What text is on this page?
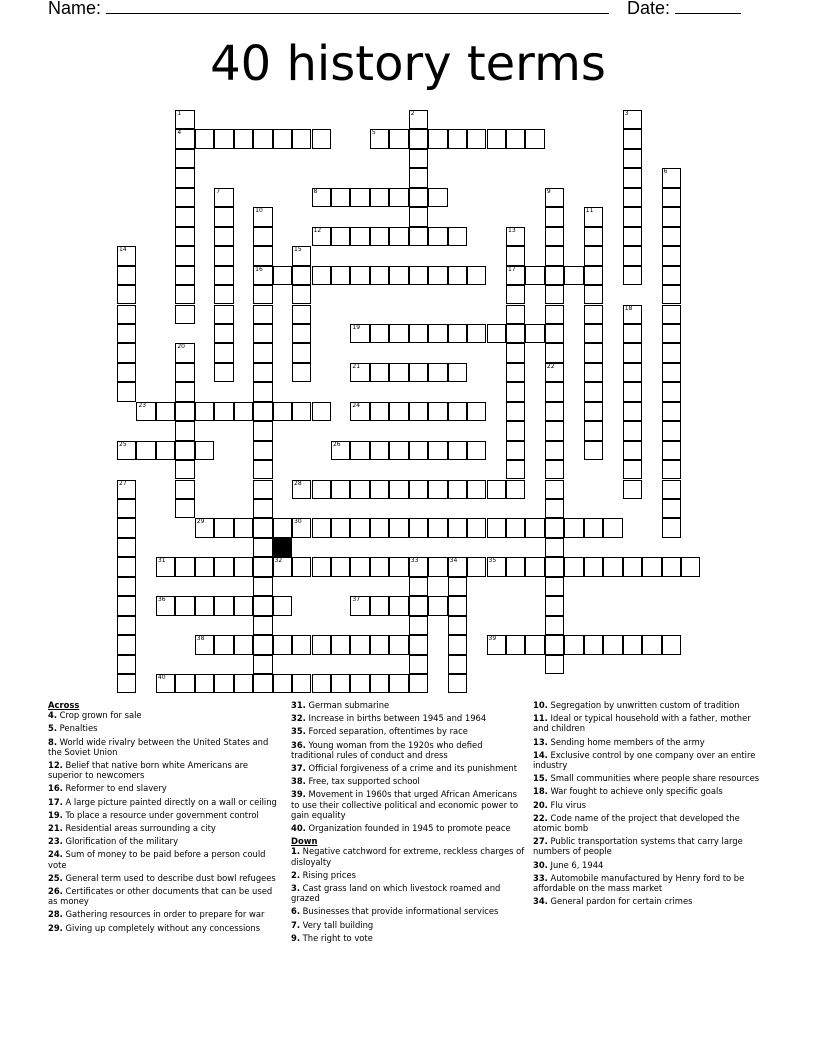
Name:	Date:
40 history terms
1
4
2	3
5
6
7	8	9
10
16
11
12	13
17
14	15
18
19
20
21	22
23	24
25	26
27	28
29	30
31	32	33	34	35
36	37
38	39
40
Across
4. Crop grown for sale
5. Penalties
8. World wide rivalry between the United States and the Soviet Union
12. Belief that native born white Americans are superior to newcomers
16. Reformer to end slavery
17. A large picture painted directly on a wall or ceiling
19. To place a resource under government control
21. Residential areas surrounding a city
23. Glorification of the military
24. Sum of money to be paid before a person could vote
25. General term used to describe dust bowl refugees
26. Certificates or other documents that can be used as money
28. Gathering resources in order to prepare for war
29. Giving up completely without any concessions
31. German submarine
32. Increase in births between 1945 and 1964
35. Forced separation, oftentimes by race
36. Young woman from the 1920s who defied traditional rules of conduct and dress
37. Official forgiveness of a crime and its punishment
38. Free, tax supported school
39. Movement in 1960s that urged African Americans to use their collective political and economic power to gain equality
40. Organization founded in 1945 to promote peace
Down
1. Negative catchword for extreme, reckless charges of disloyalty
2. Rising prices
3. Cast grass land on which livestock roamed and grazed
6. Businesses that provide informational services
7. Very tall building
9. The right to vote
10. Segregation by unwritten custom of tradition
11. Ideal or typical household with a father, mother and children
13. Sending home members of the army
14. Exclusive control by one company over an entire industry
15. Small communities where people share resources
18. War fought to achieve only specific goals
20. Flu virus
22. Code name of the project that developed the atomic bomb
27. Public transportation systems that carry large numbers of people
30. June 6, 1944
33. Automobile manufactured by Henry ford to be affordable on the mass market
34. General pardon for certain crimes
